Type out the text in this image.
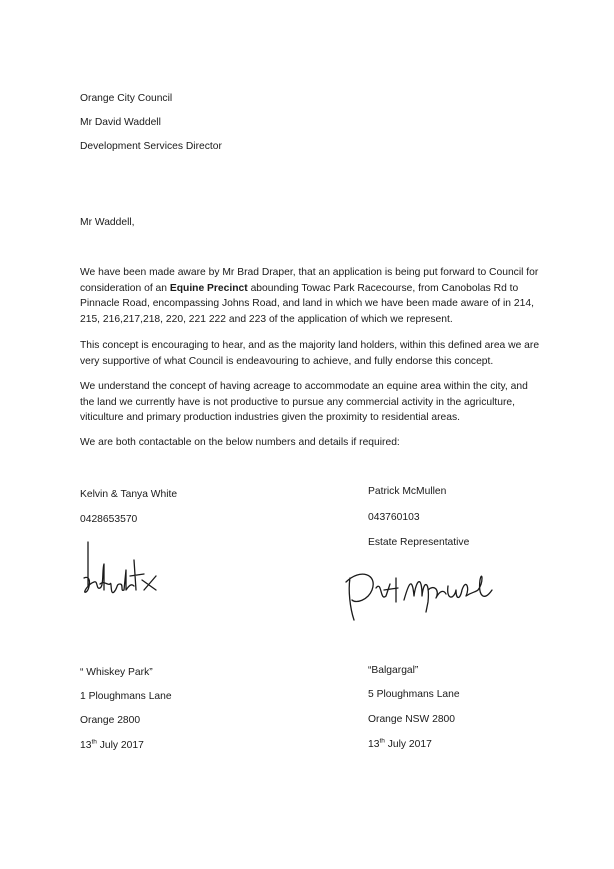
Orange City Council
Mr David Waddell
Development Services Director
Mr Waddell,
We have been made aware by Mr Brad Draper, that an application is being put forward to Council for consideration of an Equine Precinct abounding Towac Park Racecourse, from Canobolas Rd to Pinnacle Road, encompassing Johns Road, and land in which we have been made aware of in 214, 215, 216,217,218, 220, 221 222 and 223 of the application of which we represent.
This concept is encouraging to hear, and as the majority land holders, within this defined area we are very supportive of what Council is endeavouring to achieve, and fully endorse this concept.
We understand the concept of having acreage to accommodate an equine area within the city, and the land we currently have is not productive to pursue any commercial activity in the agriculture, viticulture and primary production industries given the proximity to residential areas.
We are both contactable on the below numbers and details if required:
Kelvin & Tanya White
0428653570
“ Whiskey Park”
1 Ploughmans Lane
Orange 2800
13th July 2017
Patrick McMullen
043760103
Estate Representative
“Balgargal”
5 Ploughmans Lane
Orange NSW 2800
13th July 2017
